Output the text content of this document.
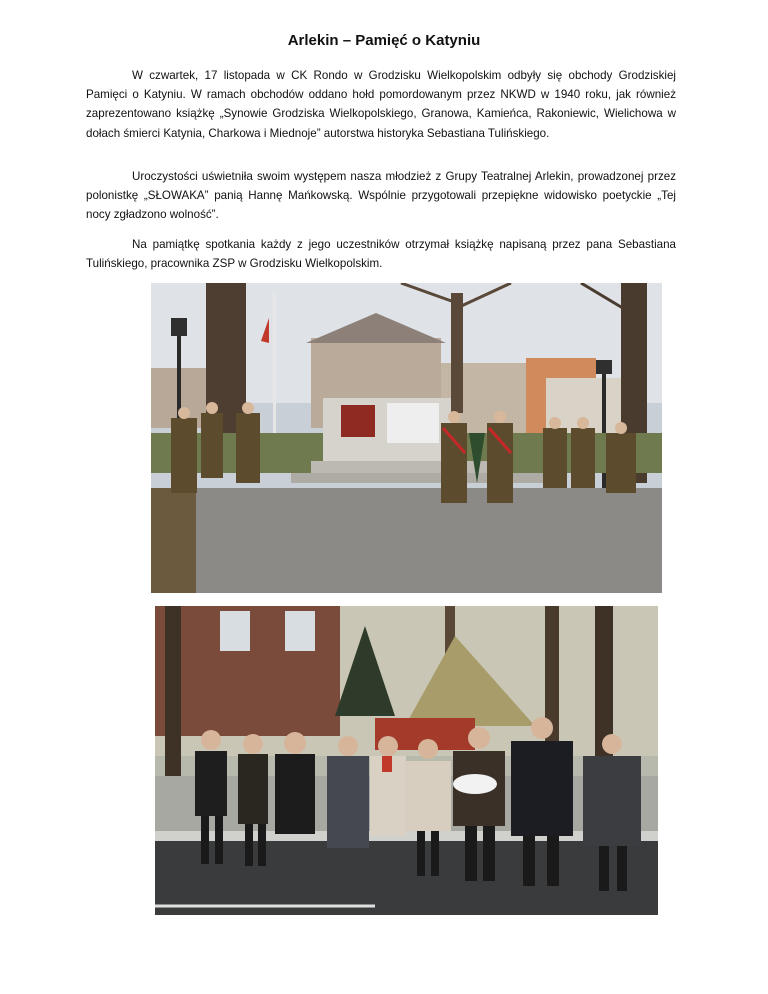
Arlekin – Pamięć o Katyniu

W czwartek, 17 listopada w CK Rondo w Grodzisku Wielkopolskim odbyły się obchody Grodziskiej Pamięci o Katyniu. W ramach obchodów oddano hołd pomordowanym przez NKWD w 1940 roku, jak również zaprezentowano książkę „Synowie Grodziska Wielkopolskiego, Granowa, Kamieńca, Rakoniewic, Wielichowa w dołach śmierci Katynia, Charkowa i Miednoje” autorstwa historyka Sebastiana Tulińskiego.

Uroczystości uświetniła swoim występem nasza młodzież z Grupy Teatralnej Arlekin, prowadzonej przez polonistkę „SŁOWAKA” panią Hannę Mańkowską. Wspólnie przygotowali przepiękne widowisko poetyckie „Tej nocy zgładzono wolność”.

Na pamiątkę spotkania każdy z jego uczestników otrzymał książkę napisaną przez pana Sebastiana Tulińskiego, pracownika ZSP w Grodzisku Wielkopolskim.
